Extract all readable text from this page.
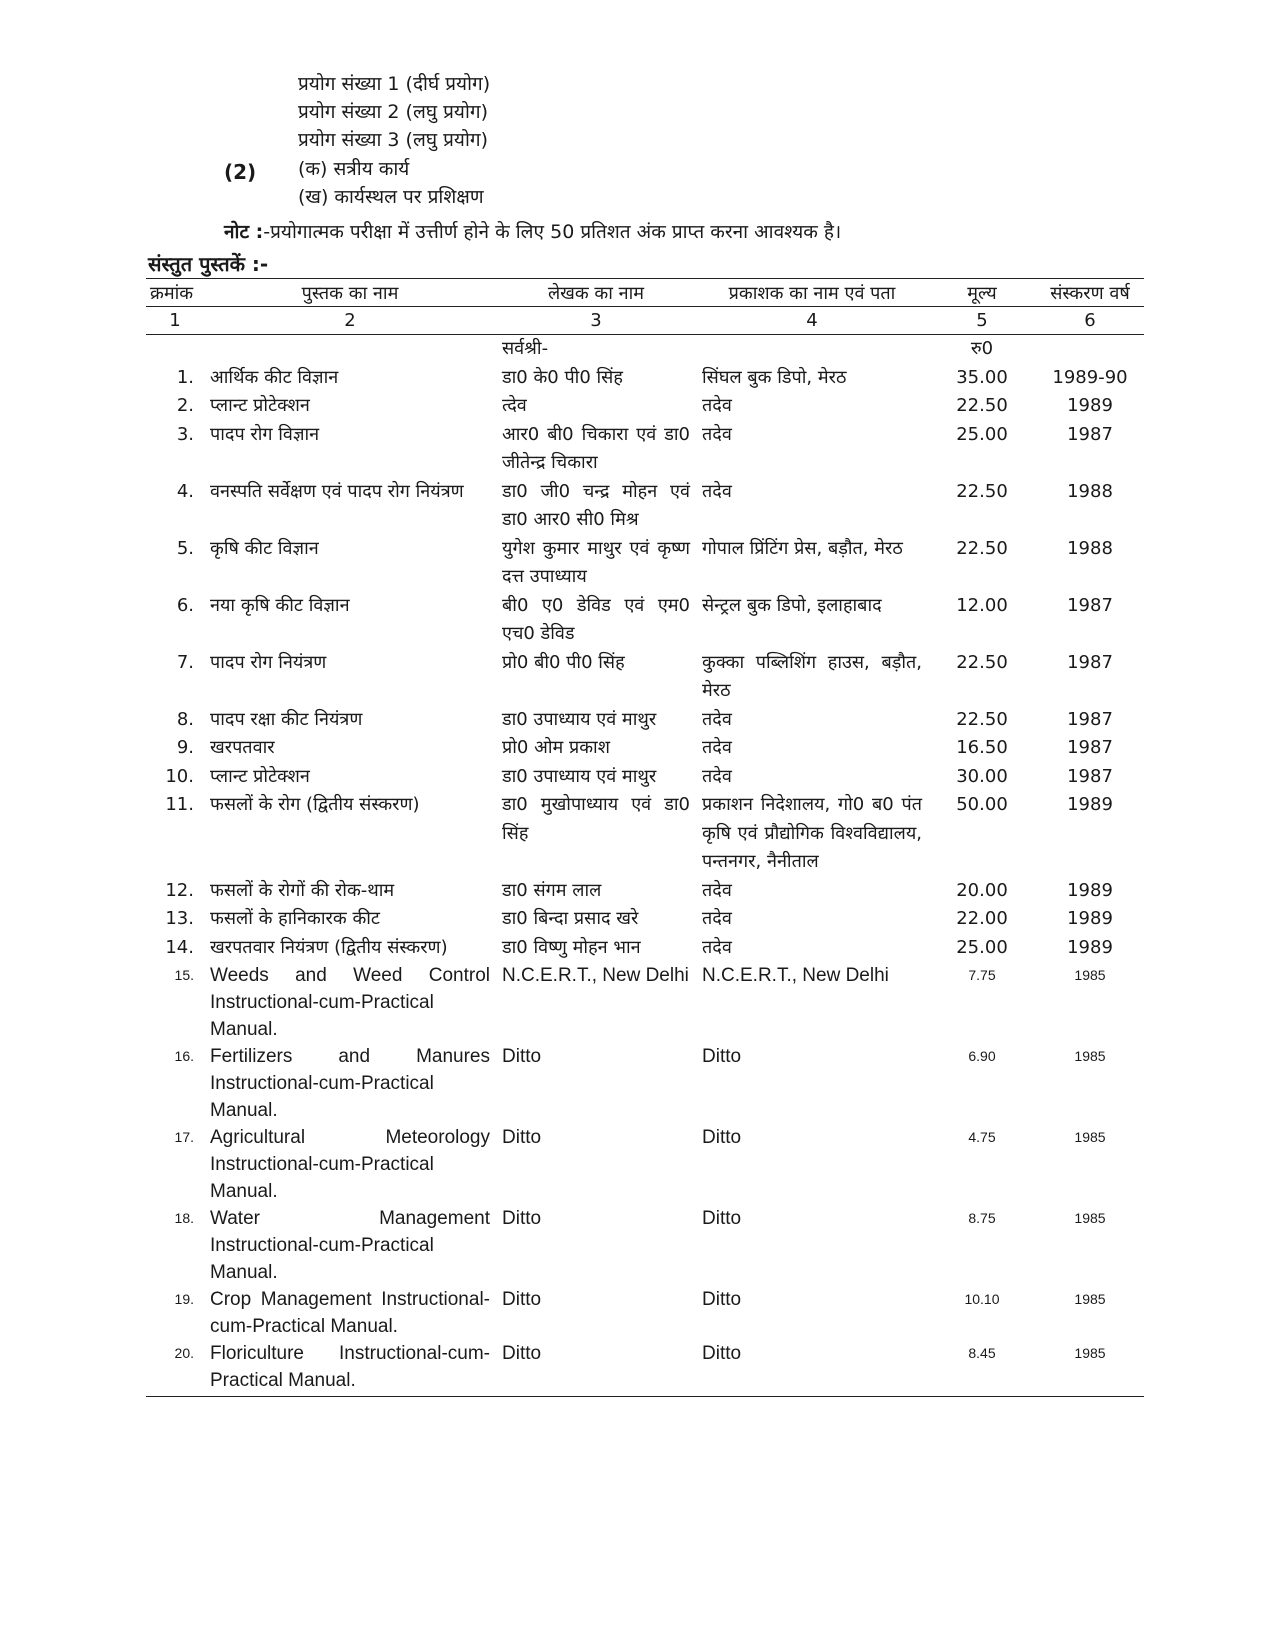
प्रयोग संख्या 1 (दीर्घ प्रयोग)
प्रयोग संख्या 2 (लघु प्रयोग)
प्रयोग संख्या 3 (लघु प्रयोग)
(2) (क) सत्रीय कार्य
(ख) कार्यस्थल पर प्रशिक्षण
नोट :-प्रयोगात्मक परीक्षा में उत्तीर्ण होने के लिए 50 प्रतिशत अंक प्राप्त करना आवश्यक है।
संस्तुत पुस्तकें :-
क्रमांक	पुस्तक का नाम	लेखक का नाम	प्रकाशक का नाम एवं पता	मूल्य	संस्करण वर्ष
1	2	3	4	5	6
		सर्वश्री-		रु0	
1.	आर्थिक कीट विज्ञान	डा0 के0 पी0 सिंह	सिंघल बुक डिपो, मेरठ	35.00	1989-90
2.	प्लान्ट प्रोटेक्शन	त्देव	तदेव	22.50	1989
3.	पादप रोग विज्ञान	आर0 बी0 चिकारा एवं डा0 जीतेन्द्र चिकारा	तदेव	25.00	1987
4.	वनस्पति सर्वेक्षण एवं पादप रोग नियंत्रण	डा0 जी0 चन्द्र मोहन एवं डा0 आर0 सी0 मिश्र	तदेव	22.50	1988
5.	कृषि कीट विज्ञान	युगेश कुमार माथुर एवं कृष्ण दत्त उपाध्याय	गोपाल प्रिंटिंग प्रेस, बड़ौत, मेरठ	22.50	1988
6.	नया कृषि कीट विज्ञान	बी0 ए0 डेविड एवं एम0 एच0 डेविड	सेन्ट्रल बुक डिपो, इलाहाबाद	12.00	1987
7.	पादप रोग नियंत्रण	प्रो0 बी0 पी0 सिंह	कुक्का पब्लिशिंग हाउस, बड़ौत, मेरठ	22.50	1987
8.	पादप रक्षा कीट नियंत्रण	डा0 उपाध्याय एवं माथुर	तदेव	22.50	1987
9.	खरपतवार	प्रो0 ओम प्रकाश	तदेव	16.50	1987
10.	प्लान्ट प्रोटेक्शन	डा0 उपाध्याय एवं माथुर	तदेव	30.00	1987
11.	फसलों के रोग (द्वितीय संस्करण)	डा0 मुखोपाध्याय एवं डा0 सिंह	प्रकाशन निदेशालय, गो0 ब0 पंत कृषि एवं प्रौद्योगिक विश्वविद्यालय, पन्तनगर, नैनीताल	50.00	1989
12.	फसलों के रोगों की रोक-थाम	डा0 संगम लाल	तदेव	20.00	1989
13.	फसलों के हानिकारक कीट	डा0 बिन्दा प्रसाद खरे	तदेव	22.00	1989
14.	खरपतवार नियंत्रण (द्वितीय संस्करण)	डा0 विष्णु मोहन भान	तदेव	25.00	1989
15.	Weeds and Weed Control Instructional-cum-Practical Manual.	N.C.E.R.T., New Delhi	N.C.E.R.T., New Delhi	7.75	1985
16.	Fertilizers and Manures Instructional-cum-Practical Manual.	Ditto	Ditto	6.90	1985
17.	Agricultural Meteorology Instructional-cum-Practical Manual.	Ditto	Ditto	4.75	1985
18.	Water Management Instructional-cum-Practical Manual.	Ditto	Ditto	8.75	1985
19.	Crop Management Instructional-cum-Practical Manual.	Ditto	Ditto	10.10	1985
20.	Floriculture Instructional-cum-Practical Manual.	Ditto	Ditto	8.45	1985
